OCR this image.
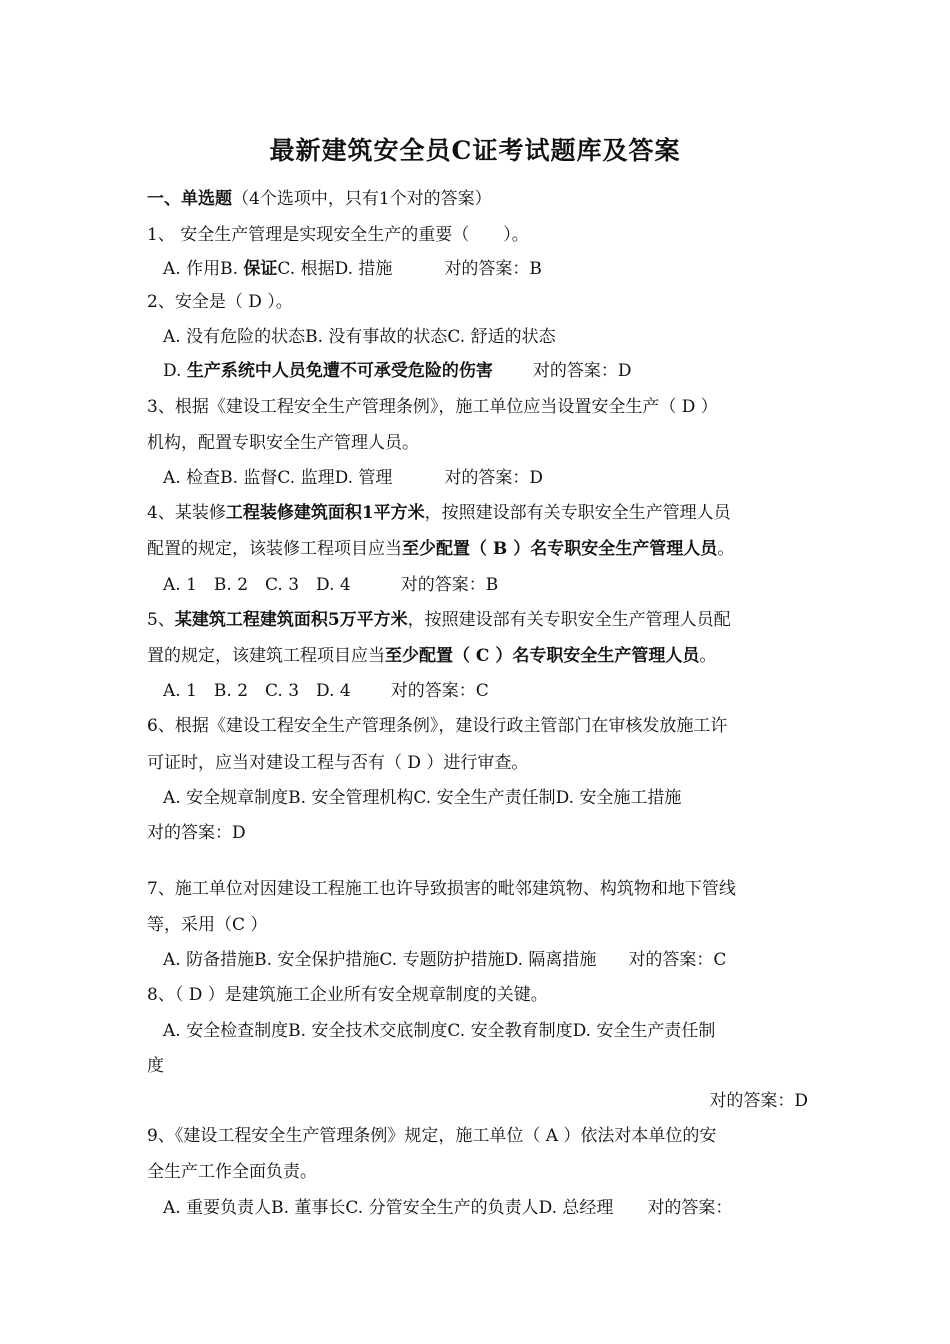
最新建筑安全员C证考试题库及答案
一、单选题（4个选项中，只有1个对的答案）
1、 安全生产管理是实现安全生产的重要（　　）。
A. 作用B. 保证C. 根据D. 措施	对的答案：B
2、安全是（ D ）。
A. 没有危险的状态B. 没有事故的状态C. 舒适的状态
D. 生产系统中人员免遭不可承受危险的伤害 对的答案：D
3、根据《建设工程安全生产管理条例》，施工单位应当设置安全生产（ D ）
机构，配置专职安全生产管理人员。
A. 检查B. 监督C. 监理D. 管理	对的答案：D
4、某装修工程装修建筑面积1平方米，按照建设部有关专职安全生产管理人员
配置的规定，该装修工程项目应当至少配置（ B ）名专职安全生产管理人员。
A. 1　B. 2　C. 3　D. 4	对的答案：B
5、某建筑工程建筑面积5万平方米，按照建设部有关专职安全生产管理人员配
置的规定，该建筑工程项目应当至少配置（ C ）名专职安全生产管理人员。
A. 1　B. 2　C. 3　D. 4 对的答案：C
6、根据《建设工程安全生产管理条例》，建设行政主管部门在审核发放施工许
可证时，应当对建设工程与否有（ D ）进行审查。
A. 安全规章制度B. 安全管理机构C. 安全生产责任制D. 安全施工措施
对的答案：D
7、施工单位对因建设工程施工也许导致损害的毗邻建筑物、构筑物和地下管线
等，采用（C ）
A. 防备措施B. 安全保护措施C. 专题防护措施D. 隔离措施 对的答案：C
8、（ D ）是建筑施工企业所有安全规章制度的关键。
A. 安全检查制度B. 安全技术交底制度C. 安全教育制度D. 安全生产责任制
度
对的答案：D
9、《建设工程安全生产管理条例》规定，施工单位（ A ）依法对本单位的安
全生产工作全面负责。
A. 重要负责人B. 董事长C. 分管安全生产的负责人D. 总经理 对的答案：
